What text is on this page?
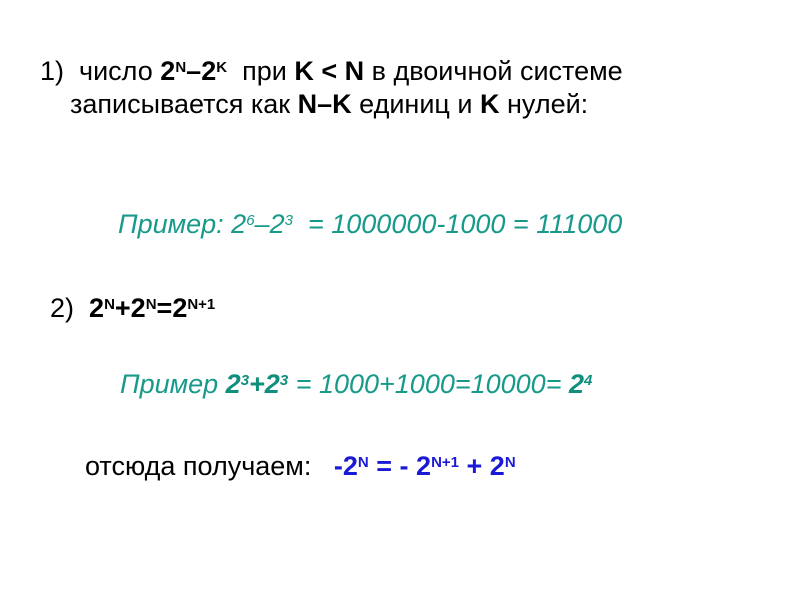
1) число $2^N-2^K$ при K < N в двоичной системе
записывается как N–K единиц и K нулей:
Пример: $2^6-2^3 = 1000000-1000 = 111000$
2) $2^N+2^N=2^{N+1}$
Пример $2^3+2^3 = 1000+1000=10000= 2^4$
отсюда получаем: $-2^N$ = - $2^{N+1} + 2^N$
